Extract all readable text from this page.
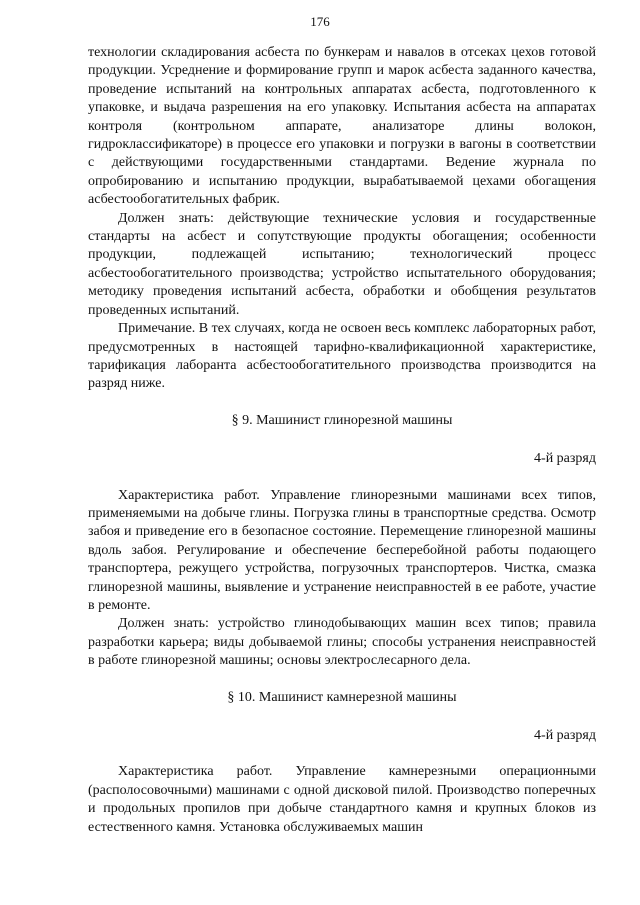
176

технологии складирования асбеста по бункерам и навалов в отсеках цехов готовой продукции. Усреднение и формирование групп и марок асбеста заданного качества, проведение испытаний на контрольных аппаратах асбеста, подготовленного к упаковке, и выдача разрешения на его упаковку. Испытания асбеста на аппаратах контроля (контрольном аппарате, анализаторе длины волокон, гидроклассификаторе) в процессе его упаковки и погрузки в вагоны в соответствии с действующими государственными стандартами. Ведение журнала по опробированию и испытанию продукции, вырабатываемой цехами обогащения асбестообогатительных фабрик.

Должен знать: действующие технические условия и государственные стандарты на асбест и сопутствующие продукты обогащения; особенности продукции, подлежащей испытанию; технологический процесс асбестообогатительного производства; устройство испытательного оборудования; методику проведения испытаний асбеста, обработки и обобщения результатов проведенных испытаний.

Примечание. В тех случаях, когда не освоен весь комплекс лабораторных работ, предусмотренных в настоящей тарифно-квалификационной характеристике, тарификация лаборанта асбестообогатительного производства производится на разряд ниже.

§ 9. Машинист глинорезной машины

4-й разряд

Характеристика работ. Управление глинорезными машинами всех типов, применяемыми на добыче глины. Погрузка глины в транспортные средства. Осмотр забоя и приведение его в безопасное состояние. Перемещение глинорезной машины вдоль забоя. Регулирование и обеспечение бесперебойной работы подающего транспортера, режущего устройства, погрузочных транспортеров. Чистка, смазка глинорезной машины, выявление и устранение неисправностей в ее работе, участие в ремонте.

Должен знать: устройство глинодобывающих машин всех типов; правила разработки карьера; виды добываемой глины; способы устранения неисправностей в работе глинорезной машины; основы электрослесарного дела.

§ 10. Машинист камнерезной машины

4-й разряд

Характеристика работ. Управление камнерезными операционными (располосовочными) машинами с одной дисковой пилой. Производство поперечных и продольных пропилов при добыче стандартного камня и крупных блоков из естественного камня. Установка обслуживаемых машин
